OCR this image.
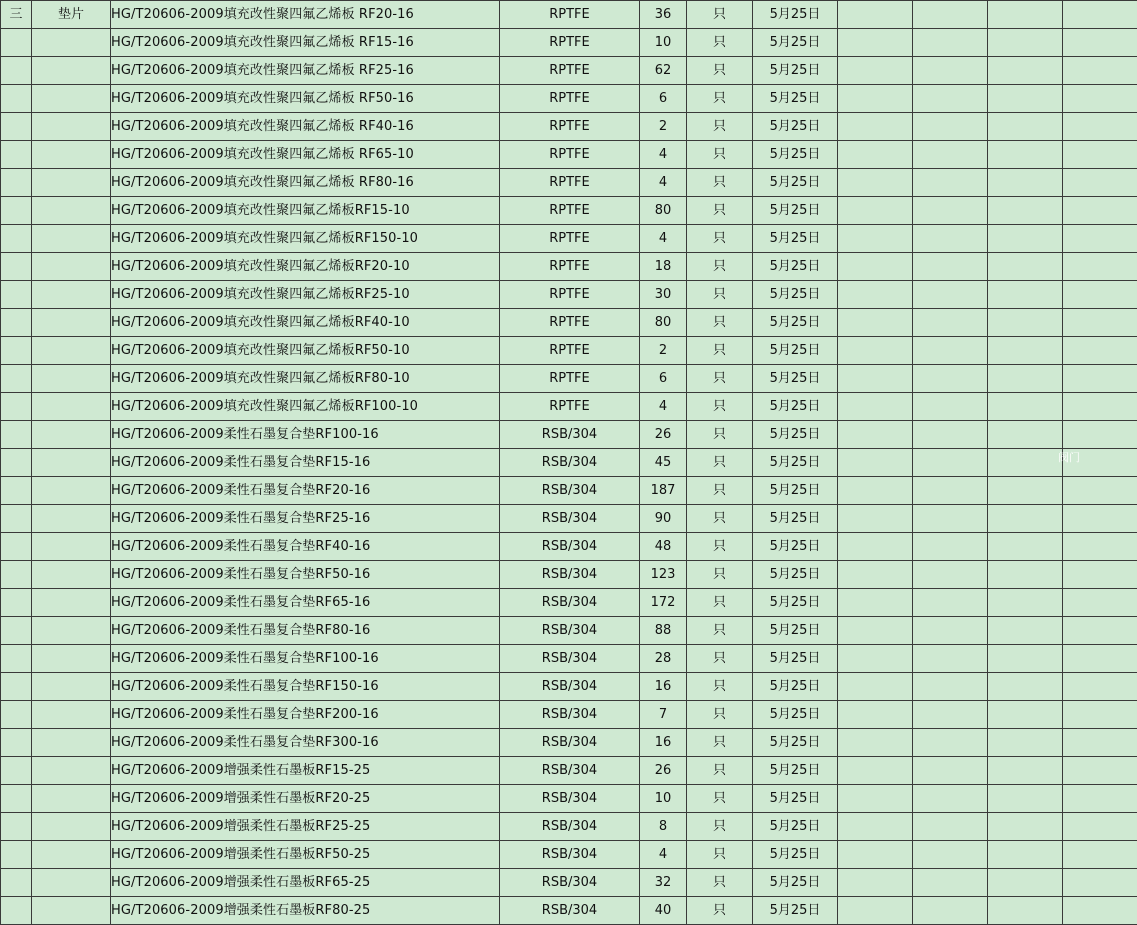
三	垫片	HG/T20606-2009填充改性聚四氟乙烯板 RF20-16	RPTFE	36	只	5月25日				
		HG/T20606-2009填充改性聚四氟乙烯板 RF15-16	RPTFE	10	只	5月25日				
		HG/T20606-2009填充改性聚四氟乙烯板 RF25-16	RPTFE	62	只	5月25日				
		HG/T20606-2009填充改性聚四氟乙烯板 RF50-16	RPTFE	6	只	5月25日				
		HG/T20606-2009填充改性聚四氟乙烯板 RF40-16	RPTFE	2	只	5月25日				
		HG/T20606-2009填充改性聚四氟乙烯板 RF65-10	RPTFE	4	只	5月25日				
		HG/T20606-2009填充改性聚四氟乙烯板 RF80-16	RPTFE	4	只	5月25日				
		HG/T20606-2009填充改性聚四氟乙烯板RF15-10	RPTFE	80	只	5月25日				
		HG/T20606-2009填充改性聚四氟乙烯板RF150-10	RPTFE	4	只	5月25日				
		HG/T20606-2009填充改性聚四氟乙烯板RF20-10	RPTFE	18	只	5月25日				
		HG/T20606-2009填充改性聚四氟乙烯板RF25-10	RPTFE	30	只	5月25日				
		HG/T20606-2009填充改性聚四氟乙烯板RF40-10	RPTFE	80	只	5月25日				
		HG/T20606-2009填充改性聚四氟乙烯板RF50-10	RPTFE	2	只	5月25日				
		HG/T20606-2009填充改性聚四氟乙烯板RF80-10	RPTFE	6	只	5月25日				
		HG/T20606-2009填充改性聚四氟乙烯板RF100-10	RPTFE	4	只	5月25日				
		HG/T20606-2009柔性石墨复合垫RF100-16	RSB/304	26	只	5月25日				
		HG/T20606-2009柔性石墨复合垫RF15-16	RSB/304	45	只	5月25日				
		HG/T20606-2009柔性石墨复合垫RF20-16	RSB/304	187	只	5月25日				
		HG/T20606-2009柔性石墨复合垫RF25-16	RSB/304	90	只	5月25日				
		HG/T20606-2009柔性石墨复合垫RF40-16	RSB/304	48	只	5月25日				
		HG/T20606-2009柔性石墨复合垫RF50-16	RSB/304	123	只	5月25日				
		HG/T20606-2009柔性石墨复合垫RF65-16	RSB/304	172	只	5月25日				
		HG/T20606-2009柔性石墨复合垫RF80-16	RSB/304	88	只	5月25日				
		HG/T20606-2009柔性石墨复合垫RF100-16	RSB/304	28	只	5月25日				
		HG/T20606-2009柔性石墨复合垫RF150-16	RSB/304	16	只	5月25日				
		HG/T20606-2009柔性石墨复合垫RF200-16	RSB/304	7	只	5月25日				
		HG/T20606-2009柔性石墨复合垫RF300-16	RSB/304	16	只	5月25日				
		HG/T20606-2009增强柔性石墨板RF15-25	RSB/304	26	只	5月25日				
		HG/T20606-2009增强柔性石墨板RF20-25	RSB/304	10	只	5月25日				
		HG/T20606-2009增强柔性石墨板RF25-25	RSB/304	8	只	5月25日				
		HG/T20606-2009增强柔性石墨板RF50-25	RSB/304	4	只	5月25日				
		HG/T20606-2009增强柔性石墨板RF65-25	RSB/304	32	只	5月25日				
		HG/T20606-2009增强柔性石墨板RF80-25	RSB/304	40	只	5月25日				
阀门
